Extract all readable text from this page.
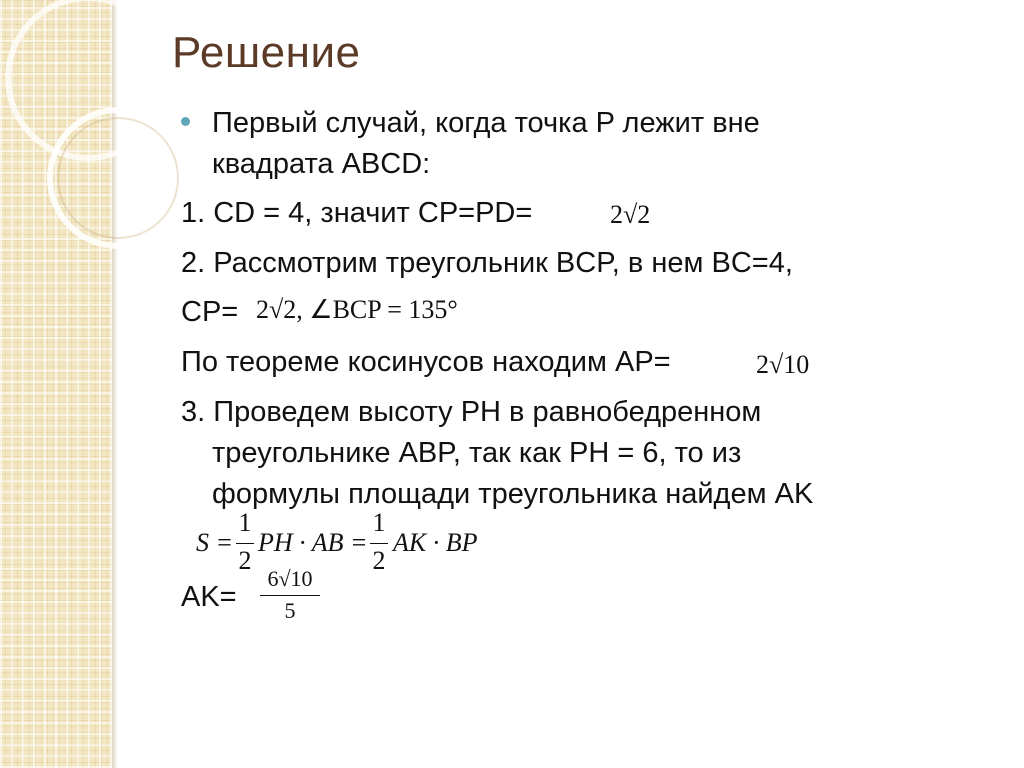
Решение
Первый случай, когда точка P лежит вне
квадрата ABCD:
1. CD = 4, значит CP=PD=	2√2
2. Рассмотрим треугольник BCP, в нем BC=4,
CP= 2√2, ∠BCP = 135°
По теореме косинусов находим AP=	2√10
3. Проведем высоту PH в равнобедренном
треугольнике ABP, так как PH = 6, то из
формулы площади треугольника найдем AK
S =
1
2
PH · AB =
1
2
AK · BP
AK=
6√10
5
